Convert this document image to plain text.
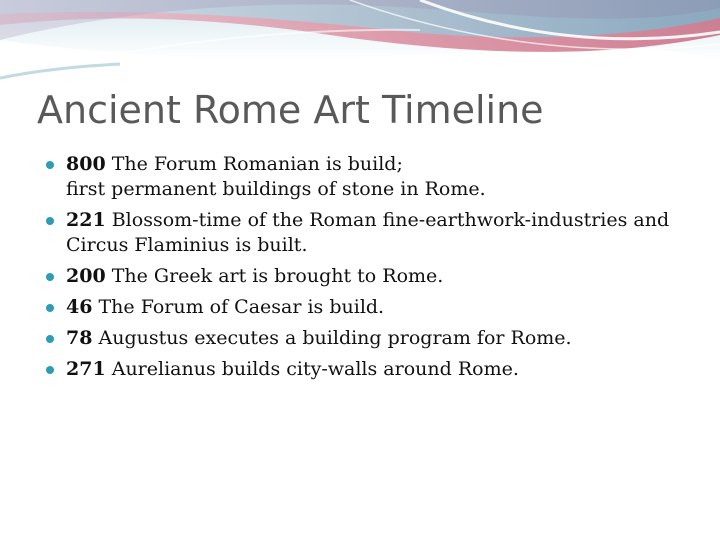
Ancient Rome Art Timeline
800 The Forum Romanian is build;
first permanent buildings of stone in Rome.
221 Blossom-time of the Roman fine-earthwork-industries and Circus Flaminius is built.
200 The Greek art is brought to Rome.
46 The Forum of Caesar is build.
78 Augustus executes a building program for Rome.
271 Aurelianus builds city-walls around Rome.
